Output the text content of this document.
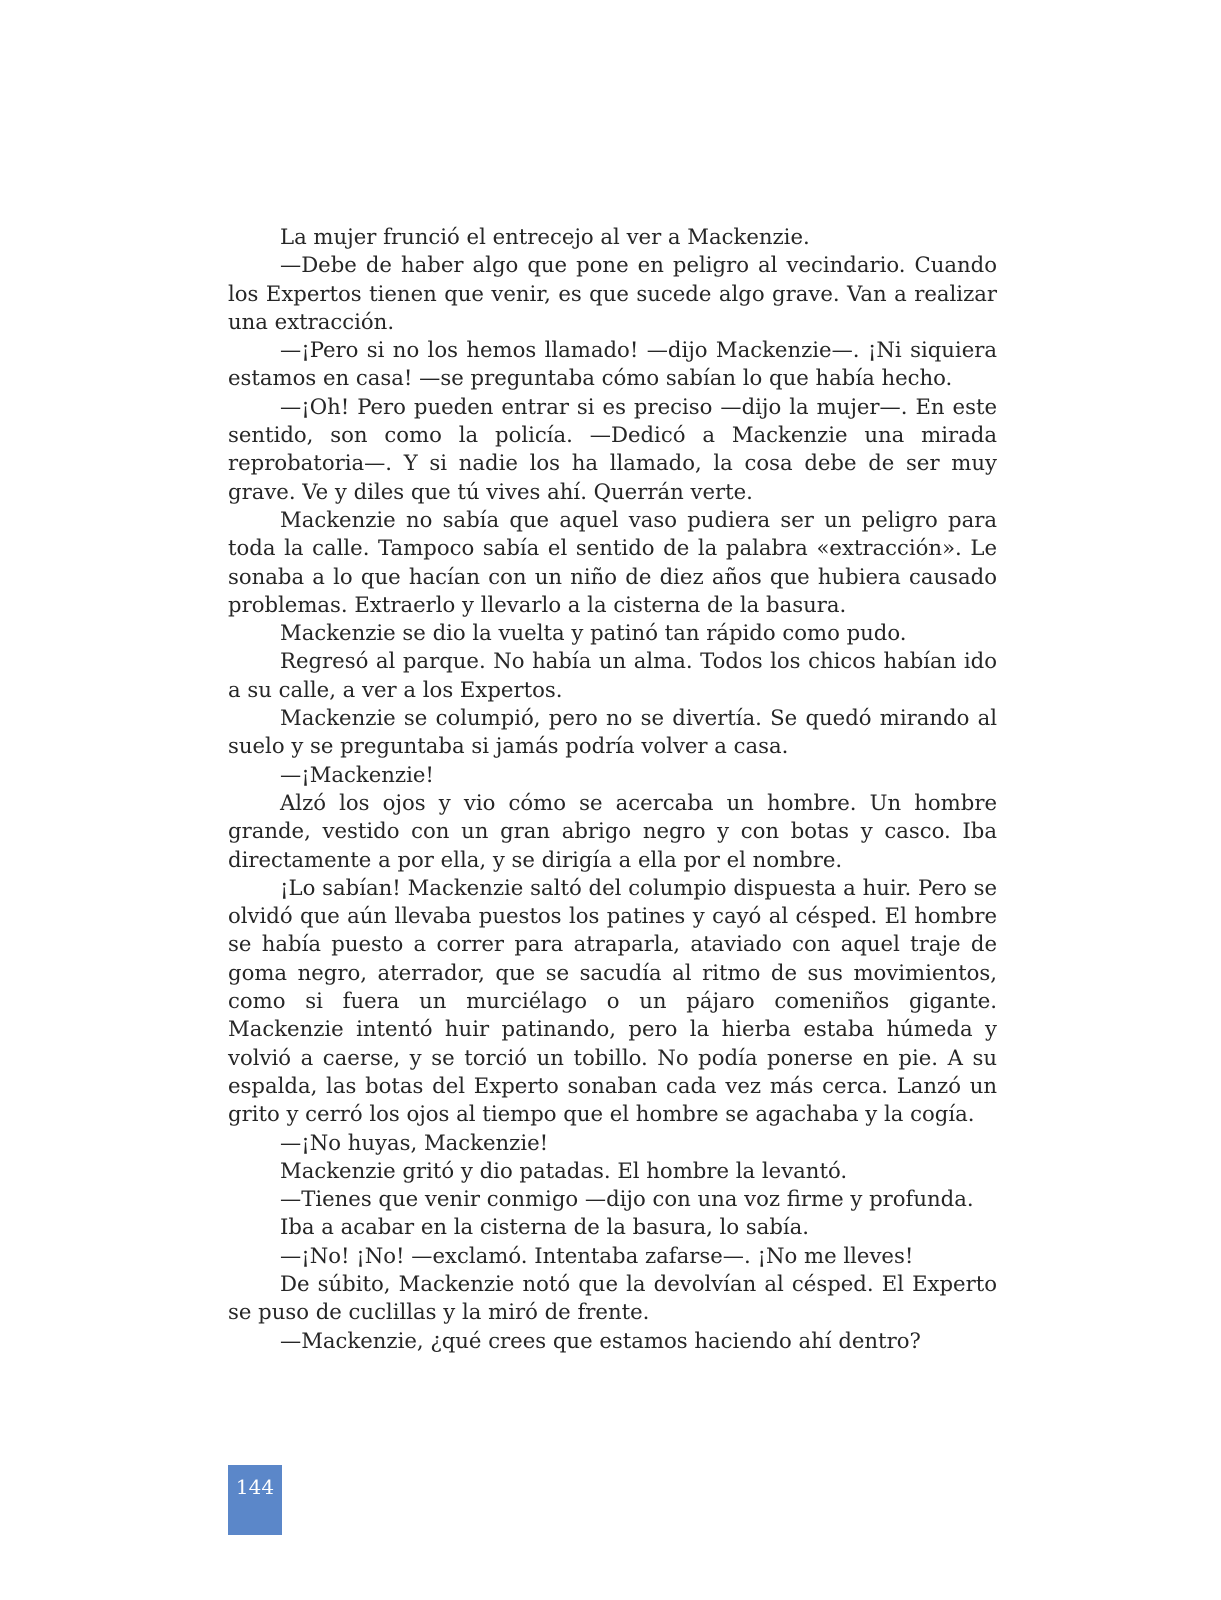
La mujer frunció el entrecejo al ver a Mackenzie.

—Debe de haber algo que pone en peligro al vecindario. Cuando los Expertos tienen que venir, es que sucede algo grave. Van a realizar una extracción.

—¡Pero si no los hemos llamado! —dijo Mackenzie—. ¡Ni siquiera estamos en casa! —se preguntaba cómo sabían lo que había hecho.

—¡Oh! Pero pueden entrar si es preciso —dijo la mujer—. En este sentido, son como la policía. —Dedicó a Mackenzie una mirada reprobatoria—. Y si nadie los ha llamado, la cosa debe de ser muy grave. Ve y diles que tú vives ahí. Querrán verte.

Mackenzie no sabía que aquel vaso pudiera ser un peligro para toda la calle. Tampoco sabía el sentido de la palabra «extracción». Le sonaba a lo que hacían con un niño de diez años que hubiera causado problemas. Extraerlo y llevarlo a la cisterna de la basura.

Mackenzie se dio la vuelta y patinó tan rápido como pudo.

Regresó al parque. No había un alma. Todos los chicos habían ido a su calle, a ver a los Expertos.

Mackenzie se columpió, pero no se divertía. Se quedó mirando al suelo y se preguntaba si jamás podría volver a casa.

—¡Mackenzie!

Alzó los ojos y vio cómo se acercaba un hombre. Un hombre grande, vestido con un gran abrigo negro y con botas y casco. Iba directamente a por ella, y se dirigía a ella por el nombre.

¡Lo sabían! Mackenzie saltó del columpio dispuesta a huir. Pero se olvidó que aún llevaba puestos los patines y cayó al césped. El hombre se había puesto a correr para atraparla, ataviado con aquel traje de goma negro, aterrador, que se sacudía al ritmo de sus movimientos, como si fuera un murciélago o un pájaro comeniños gigante. Mackenzie intentó huir patinando, pero la hierba estaba húmeda y volvió a caerse, y se torció un tobillo. No podía ponerse en pie. A su espalda, las botas del Experto sonaban cada vez más cerca. Lanzó un grito y cerró los ojos al tiempo que el hombre se agachaba y la cogía.

—¡No huyas, Mackenzie!

Mackenzie gritó y dio patadas. El hombre la levantó.

—Tienes que venir conmigo —dijo con una voz firme y profunda.

Iba a acabar en la cisterna de la basura, lo sabía.

—¡No! ¡No! —exclamó. Intentaba zafarse—. ¡No me lleves!

De súbito, Mackenzie notó que la devolvían al césped. El Experto se puso de cuclillas y la miró de frente.

—Mackenzie, ¿qué crees que estamos haciendo ahí dentro?

144
